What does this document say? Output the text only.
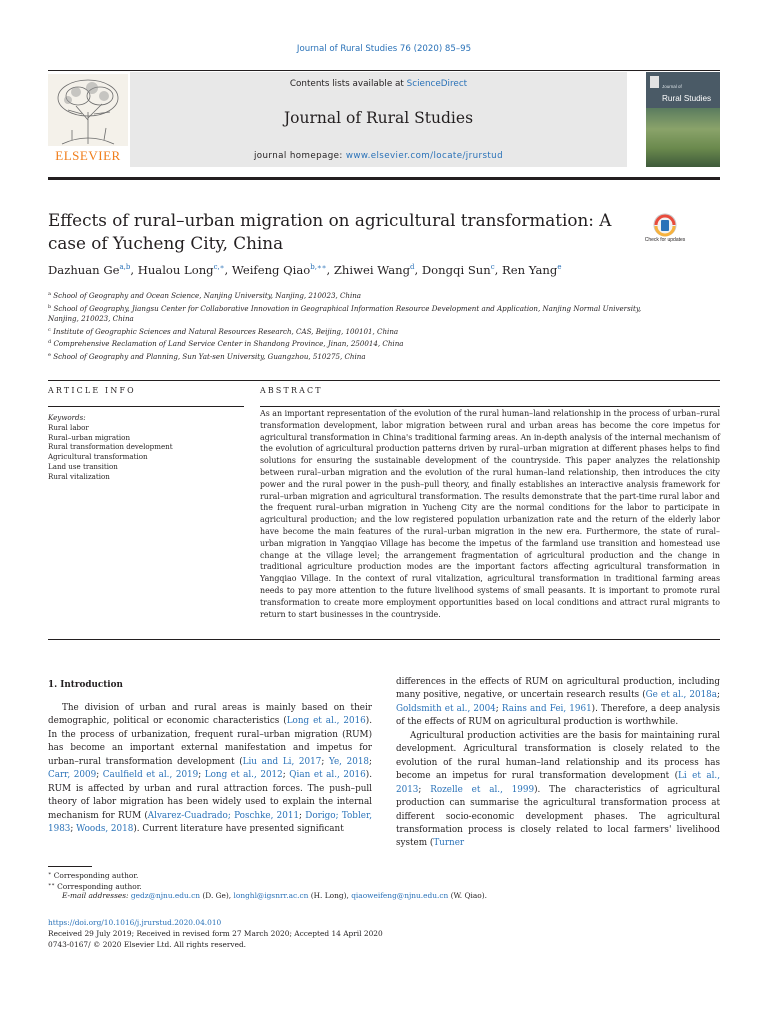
Journal of Rural Studies 76 (2020) 85–95
ELSEVIER
Contents lists available at ScienceDirect
Journal of Rural Studies
journal homepage: www.elsevier.com/locate/jrurstud
Journal of
Rural Studies
Effects of rural–urban migration on agricultural transformation: A case of Yucheng City, China	Check for updates
Dazhuan Ge$^{a,b}$, Hualou Long$^{c,∗}$, Weifeng Qiao$^{b,∗∗}$, Zhiwei Wang$^d$, Dongqi Sun$^c$, Ren Yang$^e$
$^a$ School of Geography and Ocean Science, Nanjing University, Nanjing, 210023, China
$^b$ School of Geography, Jiangsu Center for Collaborative Innovation in Geographical Information Resource Development and Application, Nanjing Normal University,
Nanjing, 210023, China
$^c$ Institute of Geographic Sciences and Natural Resources Research, CAS, Beijing, 100101, China
$^d$ Comprehensive Reclamation of Land Service Center in Shandong Province, Jinan, 250014, China
$^e$ School of Geography and Planning, Sun Yat-sen University, Guangzhou, 510275, China
ARTICLE INFO	ABSTRACT
Keywords:
Rural labor
Rural–urban migration
Rural transformation development
Agricultural transformation
Land use transition
Rural vitalization
As an important representation of the evolution of the rural human–land relationship in the process of urban–rural transformation development, labor migration between rural and urban areas has become the core impetus for agricultural transformation in China's traditional farming areas. An in-depth analysis of the internal mechanism of the evolution of agricultural production patterns driven by rural–urban migration at different phases helps to find solutions for ensuring the sustainable development of the countryside. This paper analyzes the relationship between rural–urban migration and the evolution of the rural human–land relationship, then introduces the city power and the rural power in the push–pull theory, and finally establishes an interactive analysis framework for rural–urban migration and agricultural transformation. The results demonstrate that the part-time rural labor and the frequent rural–urban migration in Yucheng City are the normal conditions for the labor to participate in agricultural production; and the low registered population urbanization rate and the return of the elderly labor have become the main features of the rural–urban migration in the new era. Furthermore, the state of rural–urban migration in Yangqiao Village has become the impetus of the farmland use transition and homestead use change at the village level; the arrangement fragmentation of agricultural production and the change in traditional agriculture production modes are the important factors affecting agricultural transformation in Yangqiao Village. In the context of rural vitalization, agricultural transformation in traditional farming areas needs to pay more attention to the future livelihood systems of small peasants. It is important to promote rural transformation to create more employment opportunities based on local conditions and attract rural migrants to return to start businesses in the countryside.
1. Introduction

The division of urban and rural areas is mainly based on their demographic, political or economic characteristics (Long et al., 2016). In the process of urbanization, frequent rural–urban migration (RUM) has become an important external manifestation and impetus for urban–rural transformation development (Liu and Li, 2017; Ye, 2018; Carr, 2009; Caulfield et al., 2019; Long et al., 2012; Qian et al., 2016). RUM is affected by urban and rural attraction forces. The push–pull theory of labor migration has been widely used to explain the internal mechanism for RUM (Alvarez-Cuadrado; Poschke, 2011; Dorigo; Tobler, 1983; Woods, 2018). Current literature have presented significant

differences in the effects of RUM on agricultural production, including many positive, negative, or uncertain research results (Ge et al., 2018a; Goldsmith et al., 2004; Rains and Fei, 1961). Therefore, a deep analysis of the effects of RUM on agricultural production is worthwhile.

Agricultural production activities are the basis for maintaining rural development. Agricultural transformation is closely related to the evolution of the rural human–land relationship and its process has become an impetus for rural transformation development (Li et al., 2013; Rozelle et al., 1999). The characteristics of agricultural production can summarise the agricultural transformation process at different socio-economic development phases. The agricultural transformation process is closely related to local farmers' livelihood system (Turner

∗ Corresponding author.
∗∗ Corresponding author.
E-mail addresses: gedz@njnu.edu.cn (D. Ge), longhl@igsnrr.ac.cn (H. Long), qiaoweifeng@njnu.edu.cn (W. Qiao).
https://doi.org/10.1016/j.jrurstud.2020.04.010
Received 29 July 2019; Received in revised form 27 March 2020; Accepted 14 April 2020
0743-0167/ © 2020 Elsevier Ltd. All rights reserved.
